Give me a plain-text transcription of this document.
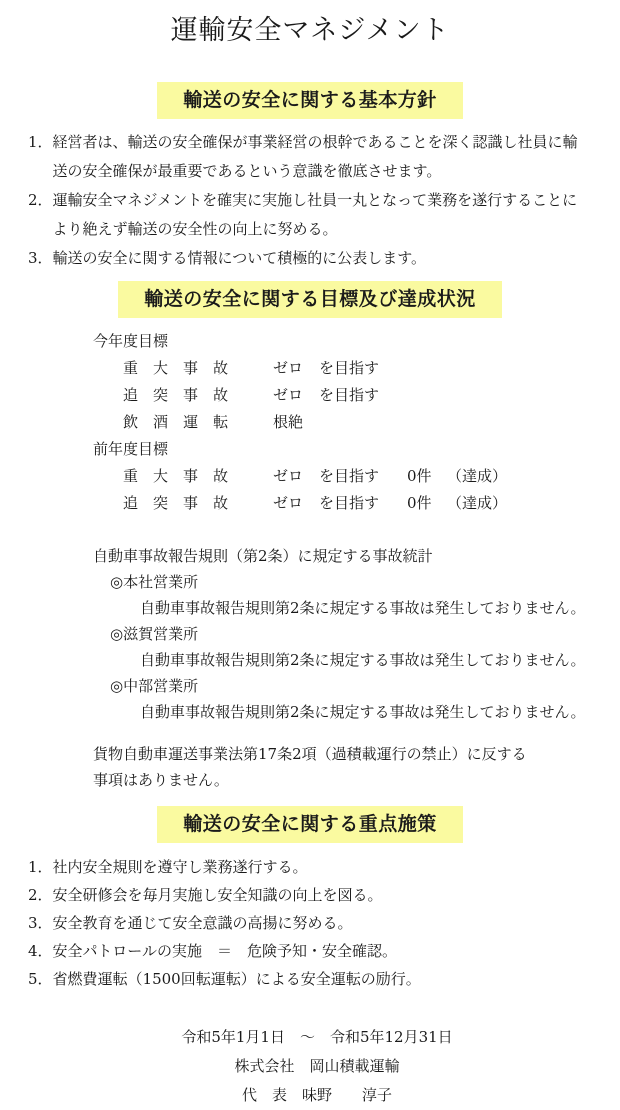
運輸安全マネジメント
輸送の安全に関する基本方針
1． 経営者は、輸送の安全確保が事業経営の根幹であることを深く認識し社員に輸送の安全確保が最重要であるという意識を徹底させます。
2． 運輸安全マネジメントを確実に実施し社員一丸となって業務を遂行することにより絶えず輸送の安全性の向上に努める。
3． 輸送の安全に関する情報について積極的に公表します。
輸送の安全に関する目標及び達成状況
今年度目標
重　大　事　故	ゼロ	を目指す
追　突　事　故	ゼロ	を目指す
飲　酒　運　転	根絶
前年度目標
重　大　事　故	ゼロ	を目指す	0件	（達成）
追　突　事　故	ゼロ	を目指す	0件	（達成）
自動車事故報告規則（第2条）に規定する事故統計
◎本社営業所
自動車事故報告規則第2条に規定する事故は発生しておりません。
◎滋賀営業所
自動車事故報告規則第2条に規定する事故は発生しておりません。
◎中部営業所
自動車事故報告規則第2条に規定する事故は発生しておりません。
貨物自動車運送事業法第17条2項（過積載運行の禁止）に反する
事項はありません。
輸送の安全に関する重点施策
1． 社内安全規則を遵守し業務遂行する。
2． 安全研修会を毎月実施し安全知識の向上を図る。
3． 安全教育を通じて安全意識の高揚に努める。
4． 安全パトロールの実施　＝　危険予知・安全確認。
5． 省燃費運転（1500回転運転）による安全運転の励行。
令和5年1月1日　～　令和5年12月31日
株式会社　岡山積載運輸
代　表　味野　　淳子
